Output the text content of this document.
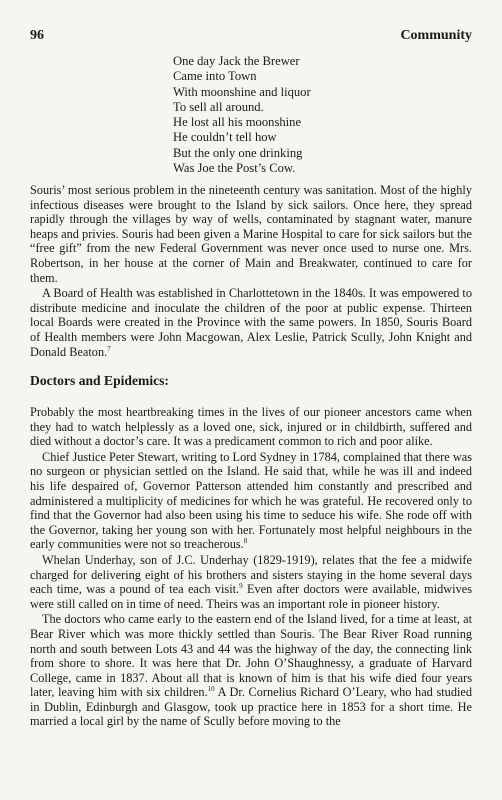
96	Community
One day Jack the Brewer
Came into Town
With moonshine and liquor
To sell all around.
He lost all his moonshine
He couldn’t tell how
But the only one drinking
Was Joe the Post’s Cow.

Souris’ most serious problem in the nineteenth century was sanitation. Most of the highly infectious diseases were brought to the Island by sick sailors. Once here, they spread rapidly through the villages by way of wells, contaminated by stagnant water, manure heaps and privies. Souris had been given a Marine Hospital to care for sick sailors but the “free gift” from the new Federal Government was never once used to nurse one. Mrs. Robertson, in her house at the corner of Main and Breakwater, continued to care for them.

A Board of Health was established in Charlottetown in the 1840s. It was empowered to distribute medicine and inoculate the children of the poor at public expense. Thirteen local Boards were created in the Province with the same powers. In 1850, Souris Board of Health members were John Macgowan, Alex Leslie, Patrick Scully, John Knight and Donald Beaton.$^7$

Doctors and Epidemics:

Probably the most heartbreaking times in the lives of our pioneer ancestors came when they had to watch helplessly as a loved one, sick, injured or in childbirth, suffered and died without a doctor’s care. It was a predicament common to rich and poor alike.

Chief Justice Peter Stewart, writing to Lord Sydney in 1784, complained that there was no surgeon or physician settled on the Island. He said that, while he was ill and indeed his life despaired of, Governor Patterson attended him constantly and prescribed and administered a multiplicity of medicines for which he was grateful. He recovered only to find that the Governor had also been using his time to seduce his wife. She rode off with the Governor, taking her young son with her. Fortunately most helpful neighbours in the early communities were not so treacherous.$^8$

Whelan Underhay, son of J.C. Underhay (1829-1919), relates that the fee a midwife charged for delivering eight of his brothers and sisters staying in the home several days each time, was a pound of tea each visit.$^9$ Even after doctors were available, midwives were still called on in time of need. Theirs was an important role in pioneer history.

The doctors who came early to the eastern end of the Island lived, for a time at least, at Bear River which was more thickly settled than Souris. The Bear River Road running north and south between Lots 43 and 44 was the highway of the day, the connecting link from shore to shore. It was here that Dr. John O’Shaughnessy, a graduate of Harvard College, came in 1837. About all that is known of him is that his wife died four years later, leaving him with six children.$^{10}$ A Dr. Cornelius Richard O’Leary, who had studied in Dublin, Edinburgh and Glasgow, took up practice here in 1853 for a short time. He married a local girl by the name of Scully before moving to the
